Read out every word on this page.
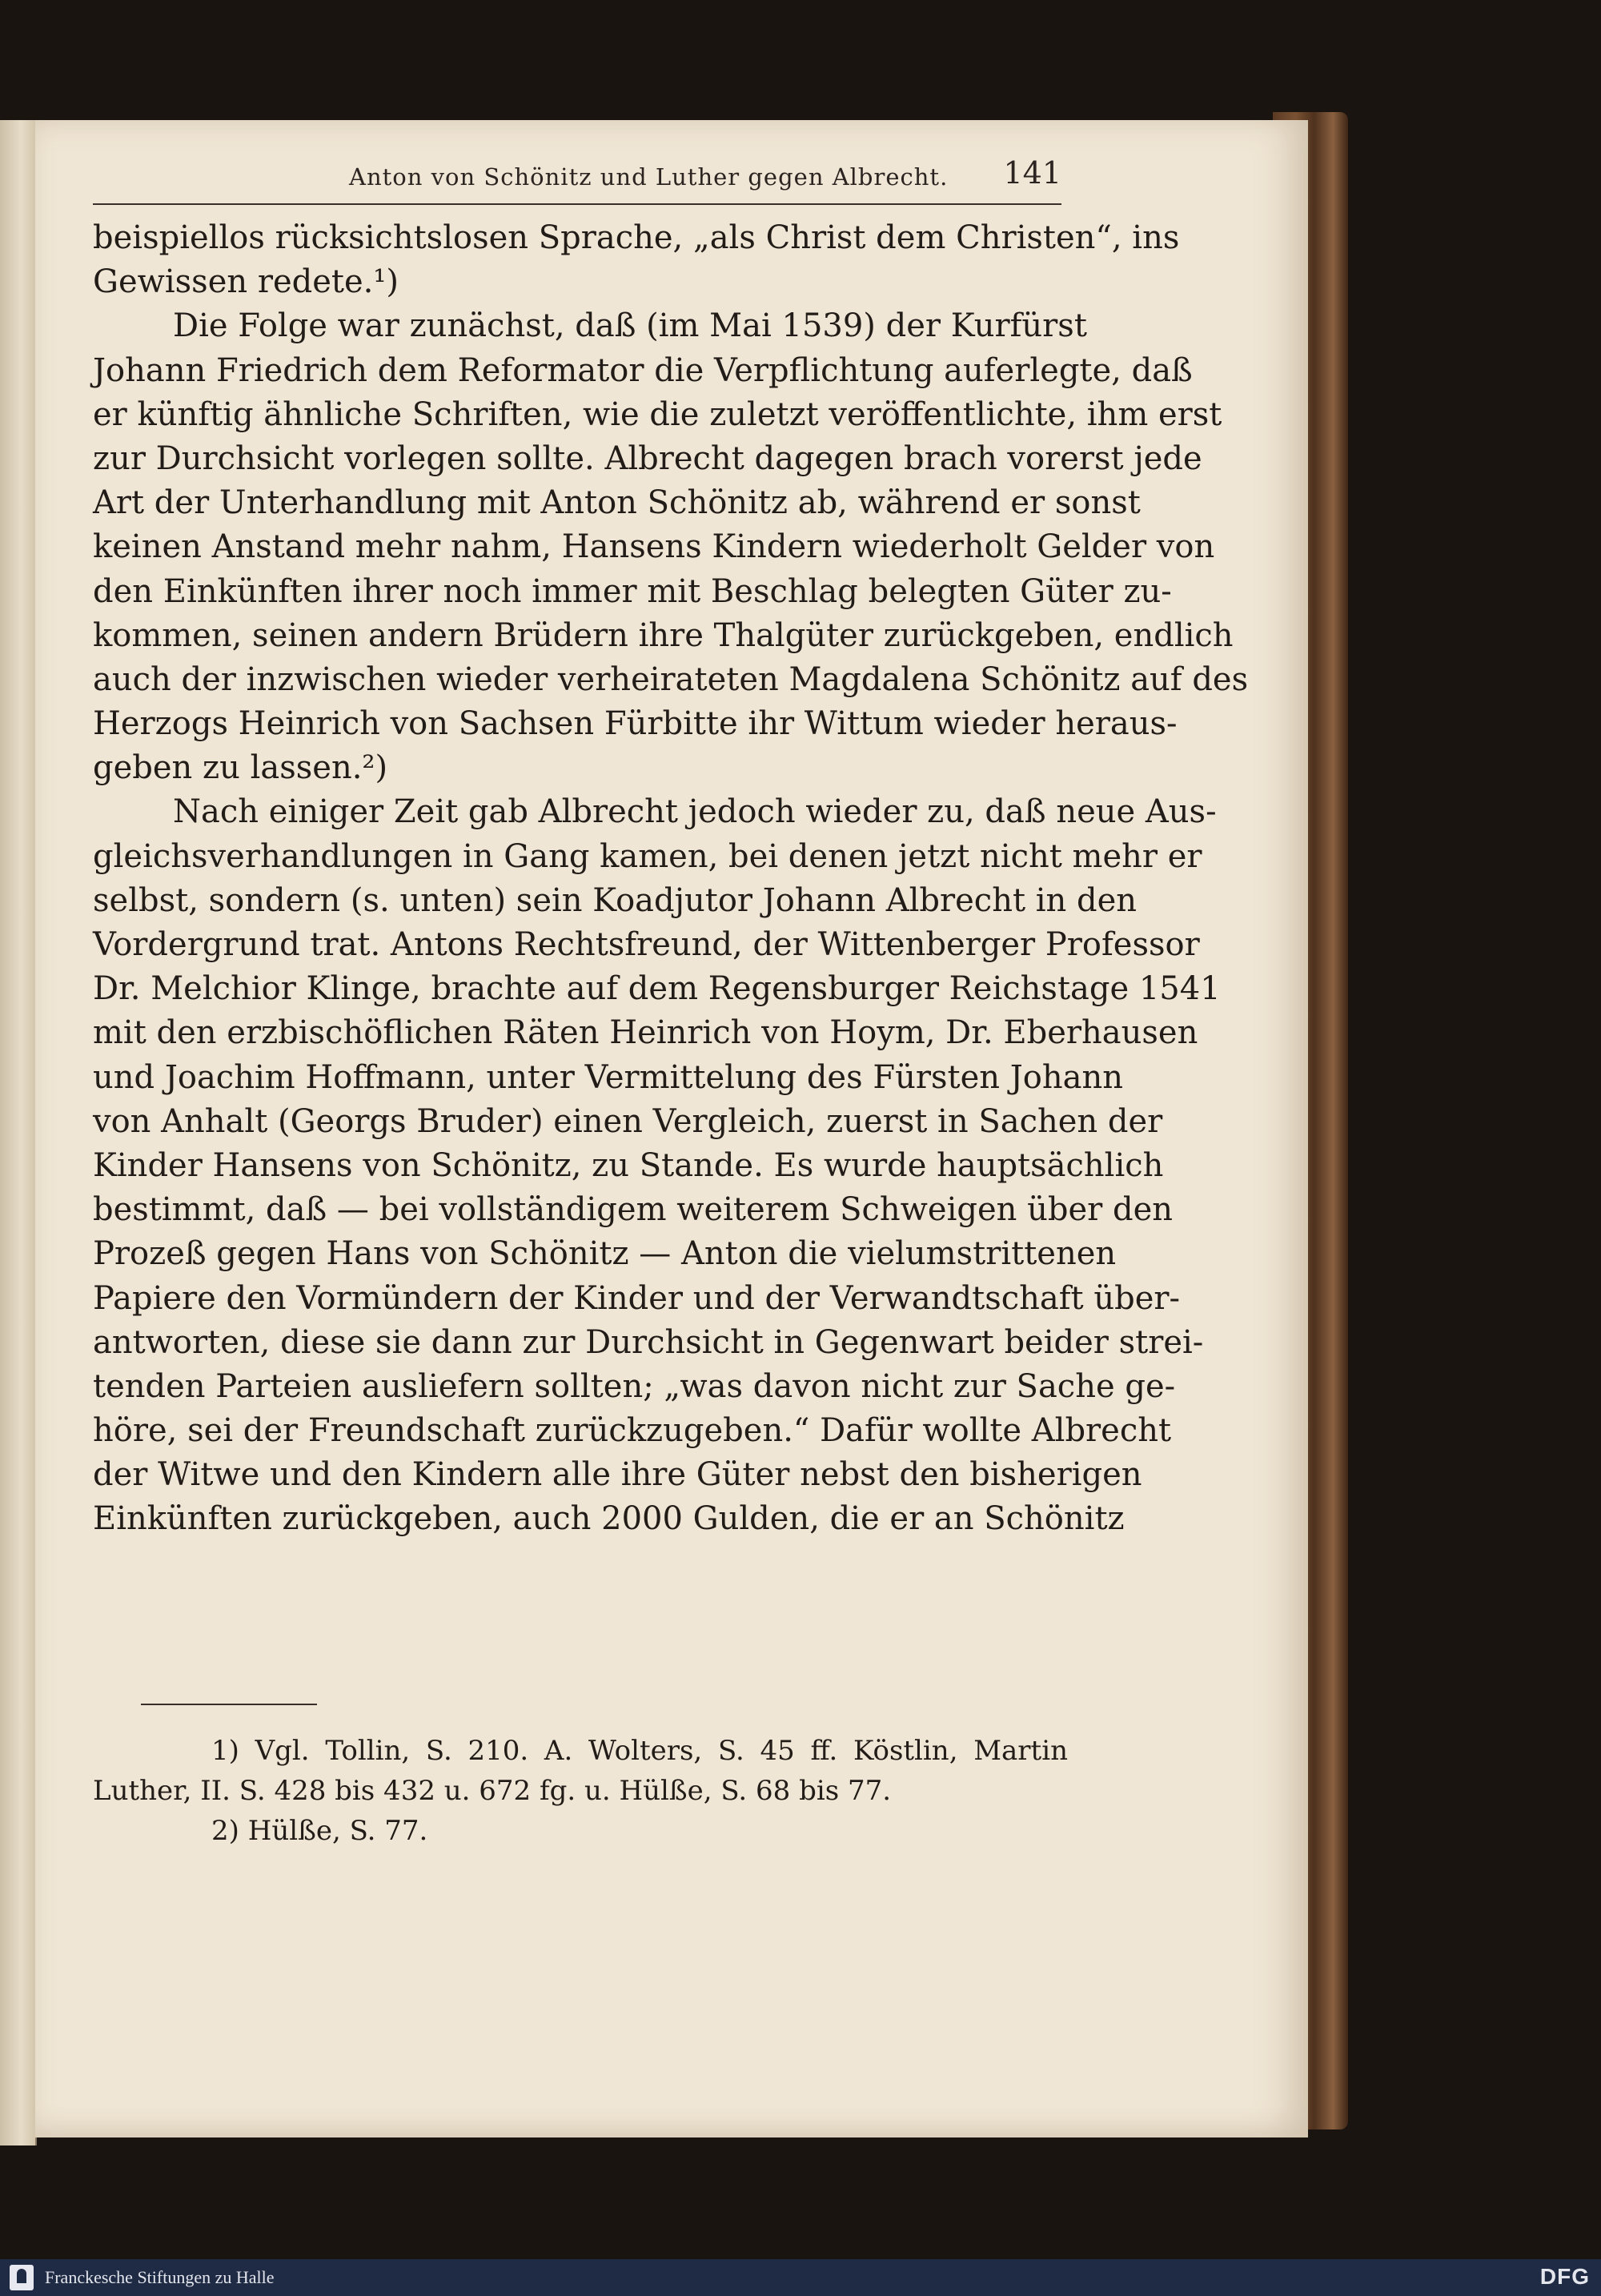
Anton von Schönitz und Luther gegen Albrecht. 141
beispiellos rücksichtslosen Sprache, „als Christ dem Christen“, ins
Gewissen redete.¹)
Die Folge war zunächst, daß (im Mai 1539) der Kurfürst
Johann Friedrich dem Reformator die Verpflichtung auferlegte, daß
er künftig ähnliche Schriften, wie die zuletzt veröffentlichte, ihm erst
zur Durchsicht vorlegen sollte. Albrecht dagegen brach vorerst jede
Art der Unterhandlung mit Anton Schönitz ab, während er sonst
keinen Anstand mehr nahm, Hansens Kindern wiederholt Gelder von
den Einkünften ihrer noch immer mit Beschlag belegten Güter zu-
kommen, seinen andern Brüdern ihre Thalgüter zurückgeben, endlich
auch der inzwischen wieder verheirateten Magdalena Schönitz auf des
Herzogs Heinrich von Sachsen Fürbitte ihr Wittum wieder heraus-
geben zu lassen.²)
Nach einiger Zeit gab Albrecht jedoch wieder zu, daß neue Aus-
gleichsverhandlungen in Gang kamen, bei denen jetzt nicht mehr er
selbst, sondern (s. unten) sein Koadjutor Johann Albrecht in den
Vordergrund trat. Antons Rechtsfreund, der Wittenberger Professor
Dr. Melchior Klinge, brachte auf dem Regensburger Reichstage 1541
mit den erzbischöflichen Räten Heinrich von Hoym, Dr. Eberhausen
und Joachim Hoffmann, unter Vermittelung des Fürsten Johann
von Anhalt (Georgs Bruder) einen Vergleich, zuerst in Sachen der
Kinder Hansens von Schönitz, zu Stande. Es wurde hauptsächlich
bestimmt, daß — bei vollständigem weiterem Schweigen über den
Prozeß gegen Hans von Schönitz — Anton die vielumstrittenen
Papiere den Vormündern der Kinder und der Verwandtschaft über-
antworten, diese sie dann zur Durchsicht in Gegenwart beider strei-
tenden Parteien ausliefern sollten; „was davon nicht zur Sache ge-
höre, sei der Freundschaft zurückzugeben.“ Dafür wollte Albrecht
der Witwe und den Kindern alle ihre Güter nebst den bisherigen
Einkünften zurückgeben, auch 2000 Gulden, die er an Schönitz
1) Vgl. Tollin, S. 210. A. Wolters, S. 45 ff. Köstlin, Martin
Luther, II. S. 428 bis 432 u. 672 fg. u. Hülße, S. 68 bis 77.
2) Hülße, S. 77.
Franckesche Stiftungen zu Halle	DFG
